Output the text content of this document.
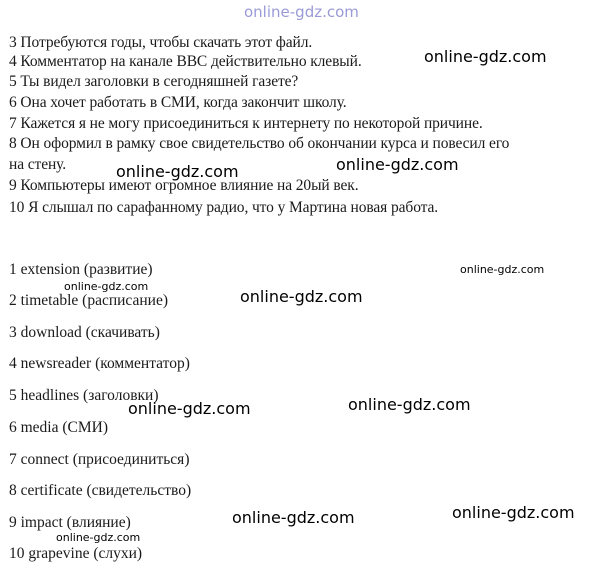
online-gdz.com
3 Потребуются годы, чтобы скачать этот файл.
4 Комментатор на канале BBC действительно клевый.
5 Ты видел заголовки в сегодняшней газете?
6 Она хочет работать в СМИ, когда закончит школу.
7 Кажется я не могу присоединиться к интернету по некоторой причине.
8 Он оформил в рамку свое свидетельство об окончании курса и повесил его
на стену.
9 Компьютеры имеют огромное влияние на 20ый век.
10 Я слышал по сарафанному радио, что у Мартина новая работа.
1 extension (развитие)
2 timetable (расписание)
3 download (скачивать)
4 newsreader (комментатор)
5 headlines (заголовки)
6 media (СМИ)
7 connect (присоединиться)
8 certificate (свидетельство)
9 impact (влияние)
10 grapevine (слухи)
online-gdz.com
online-gdz.com	online-gdz.com
online-gdz.com
online-gdz.com
online-gdz.com
online-gdz.com	online-gdz.com
online-gdz.com	online-gdz.com
online-gdz.com
